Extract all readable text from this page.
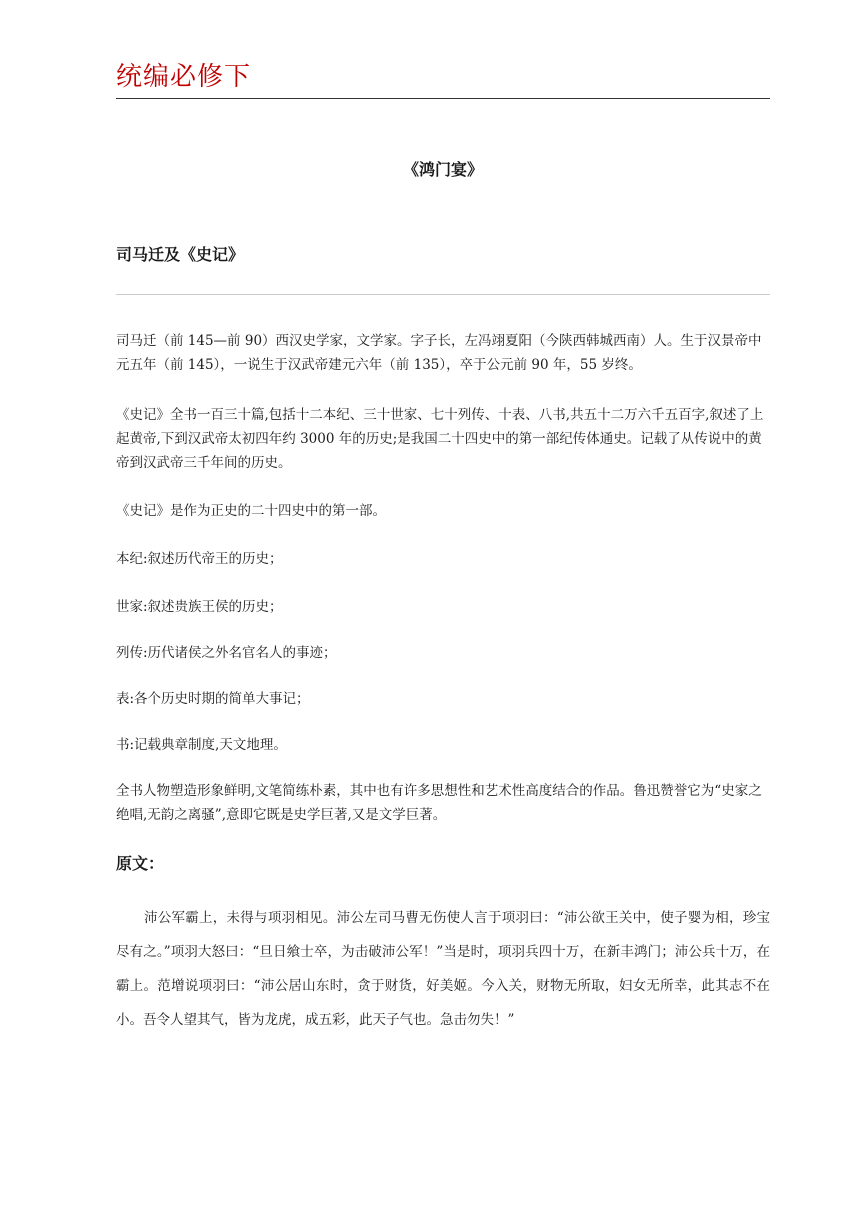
统编必修下
《鸿门宴》
司马迁及《史记》

司马迁（前 145—前 90）西汉史学家，文学家。字子长，左冯翊夏阳（今陕西韩城西南）人。生于汉景帝中元五年（前 145），一说生于汉武帝建元六年（前 135），卒于公元前 90 年，55 岁终。

《史记》全书一百三十篇,包括十二本纪、三十世家、七十列传、十表、八书,共五十二万六千五百字,叙述了上起黄帝,下到汉武帝太初四年约 3000 年的历史;是我国二十四史中的第一部纪传体通史。记载了从传说中的黄帝到汉武帝三千年间的历史。

《史记》是作为正史的二十四史中的第一部。

本纪:叙述历代帝王的历史；

世家:叙述贵族王侯的历史；

列传:历代诸侯之外名官名人的事迹；

表:各个历史时期的简单大事记；

书:记载典章制度,天文地理。

全书人物塑造形象鲜明,文笔简练朴素，其中也有许多思想性和艺术性高度结合的作品。鲁迅赞誉它为“史家之绝唱,无韵之离骚”,意即它既是史学巨著,又是文学巨著。

原文：

沛公军霸上，未得与项羽相见。沛公左司马曹无伤使人言于项羽曰：“沛公欲王关中，使子婴为相，珍宝尽有之。”项羽大怒曰：“旦日飨士卒，为击破沛公军！”当是时，项羽兵四十万，在新丰鸿门；沛公兵十万，在霸上。范增说项羽曰：“沛公居山东时，贪于财货，好美姬。今入关，财物无所取，妇女无所幸，此其志不在小。吾令人望其气，皆为龙虎，成五彩，此天子气也。急击勿失！”
